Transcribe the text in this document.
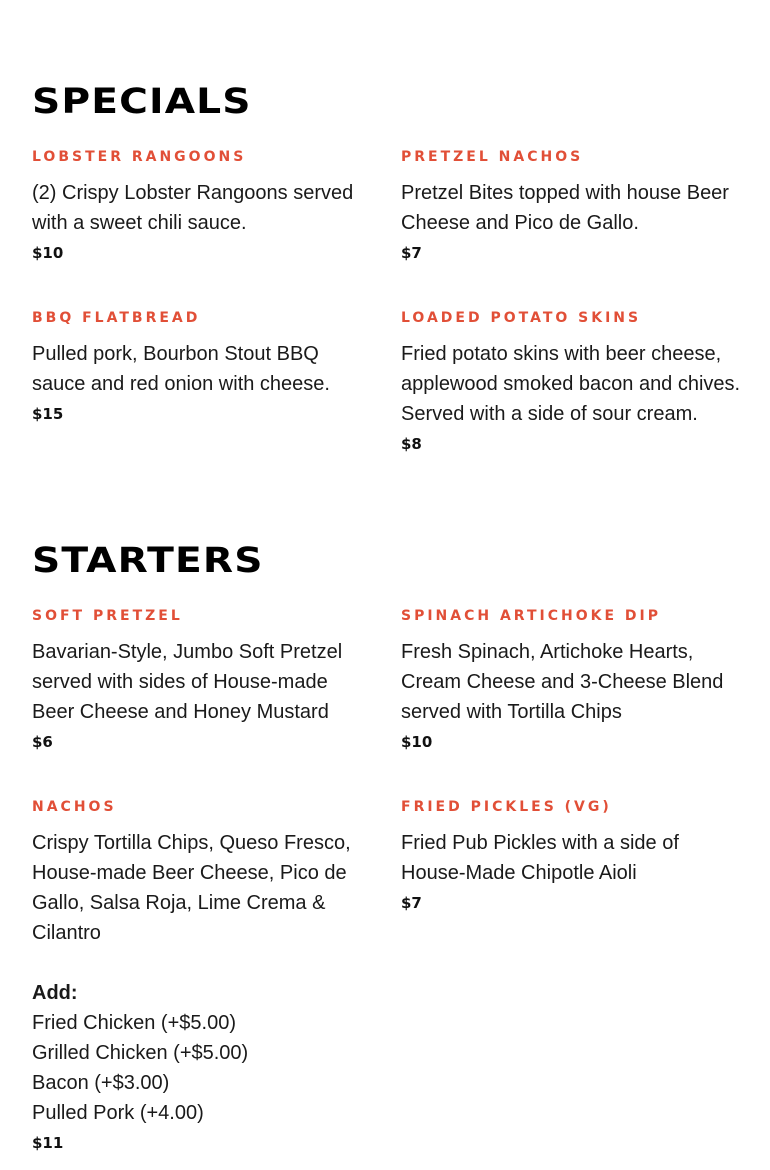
SPECIALS
LOBSTER RANGOONS
(2) Crispy Lobster Rangoons served with a sweet chili sauce.
$10
PRETZEL NACHOS
Pretzel Bites topped with house Beer Cheese and Pico de Gallo.
$7
BBQ FLATBREAD
Pulled pork, Bourbon Stout BBQ sauce and red onion with cheese.
$15
LOADED POTATO SKINS
Fried potato skins with beer cheese, applewood smoked bacon and chives. Served with a side of sour cream.
$8
STARTERS
SOFT PRETZEL
Bavarian-Style, Jumbo Soft Pretzel served with sides of House-made Beer Cheese and Honey Mustard
$6
SPINACH ARTICHOKE DIP
Fresh Spinach, Artichoke Hearts, Cream Cheese and 3-Cheese Blend served with Tortilla Chips
$10
NACHOS
Crispy Tortilla Chips, Queso Fresco, House-made Beer Cheese, Pico de Gallo, Salsa Roja, Lime Crema & Cilantro
Add:
Fried Chicken (+$5.00)
Grilled Chicken (+$5.00)
Bacon (+$3.00)
Pulled Pork (+4.00)
$11
FRIED PICKLES (VG)
Fried Pub Pickles with a side of House-Made Chipotle Aioli
$7
